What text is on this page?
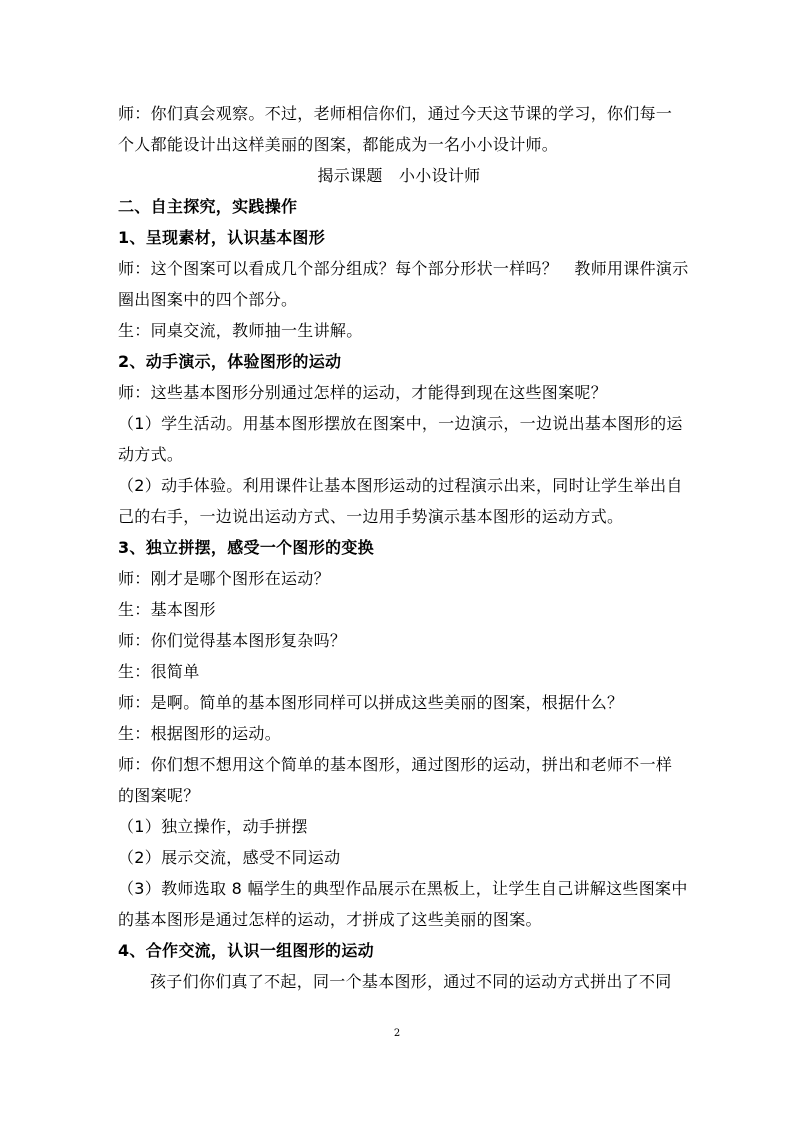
师：你们真会观察。不过，老师相信你们，通过今天这节课的学习，你们每一
个人都能设计出这样美丽的图案，都能成为一名小小设计师。
揭示课题　小小设计师
二、自主探究，实践操作
1、呈现素材，认识基本图形
师：这个图案可以看成几个部分组成？每个部分形状一样吗？　教师用课件演示
圈出图案中的四个部分。
生：同桌交流，教师抽一生讲解。
2、动手演示，体验图形的运动
师：这些基本图形分别通过怎样的运动，才能得到现在这些图案呢？
（1）学生活动。用基本图形摆放在图案中，一边演示，一边说出基本图形的运
动方式。
（2）动手体验。利用课件让基本图形运动的过程演示出来，同时让学生举出自
己的右手，一边说出运动方式、一边用手势演示基本图形的运动方式。
3、独立拼摆，感受一个图形的变换
师：刚才是哪个图形在运动？
生：基本图形
师：你们觉得基本图形复杂吗？
生：很简单
师：是啊。简单的基本图形同样可以拼成这些美丽的图案，根据什么？
生：根据图形的运动。
师：你们想不想用这个简单的基本图形，通过图形的运动，拼出和老师不一样
的图案呢？
（1）独立操作，动手拼摆
（2）展示交流，感受不同运动
（3）教师选取 8 幅学生的典型作品展示在黑板上，让学生自己讲解这些图案中
的基本图形是通过怎样的运动，才拼成了这些美丽的图案。
4、合作交流，认识一组图形的运动
孩子们你们真了不起，同一个基本图形，通过不同的运动方式拼出了不同
2
